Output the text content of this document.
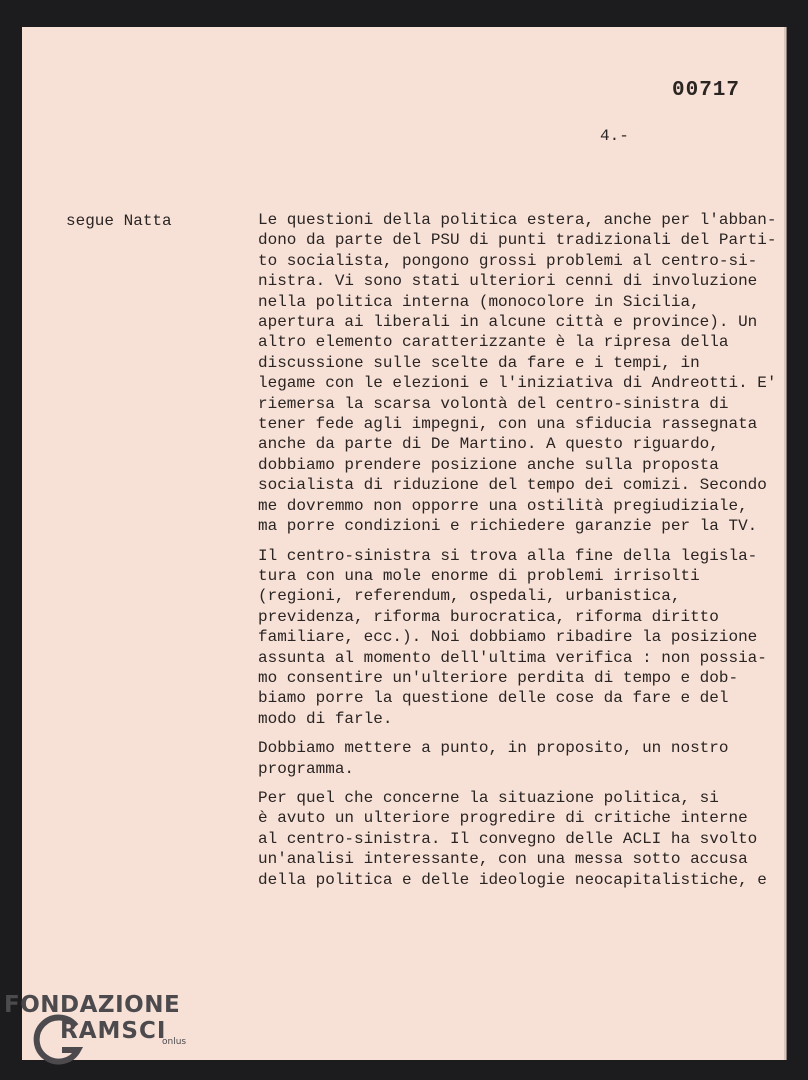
00717
4.-
segue Natta	Le questioni della politica estera, anche per l'abban-
dono da parte del PSU di punti tradizionali del Parti-
to socialista, pongono grossi problemi al centro-si-
nistra. Vi sono stati ulteriori cenni di involuzione
nella politica interna (monocolore in Sicilia,
apertura ai liberali in alcune città e province). Un
altro elemento caratterizzante è la ripresa della
discussione sulle scelte da fare e i tempi, in
legame con le elezioni e l'iniziativa di Andreotti. E'
riemersa la scarsa volontà del centro-sinistra di
tener fede agli impegni, con una sfiducia rassegnata
anche da parte di De Martino. A questo riguardo,
dobbiamo prendere posizione anche sulla proposta
socialista di riduzione del tempo dei comizi. Secondo
me dovremmo non opporre una ostilità pregiudiziale,
ma porre condizioni e richiedere garanzie per la TV.

Il centro-sinistra si trova alla fine della legisla-
tura con una mole enorme di problemi irrisolti
(regioni, referendum, ospedali, urbanistica,
previdenza, riforma burocratica, riforma diritto
familiare, ecc.). Noi dobbiamo ribadire la posizione
assunta al momento dell'ultima verifica : non possia-
mo consentire un'ulteriore perdita di tempo e dob-
biamo porre la questione delle cose da fare e del
modo di farle.

Dobbiamo mettere a punto, in proposito, un nostro
programma.

Per quel che concerne la situazione politica, si
è avuto un ulteriore progredire di critiche interne
al centro-sinistra. Il convegno delle ACLI ha svolto
un'analisi interessante, con una messa sotto accusa
della politica e delle ideologie neocapitalistiche, e

FONDAZIONE
RAMSCI
onlus
